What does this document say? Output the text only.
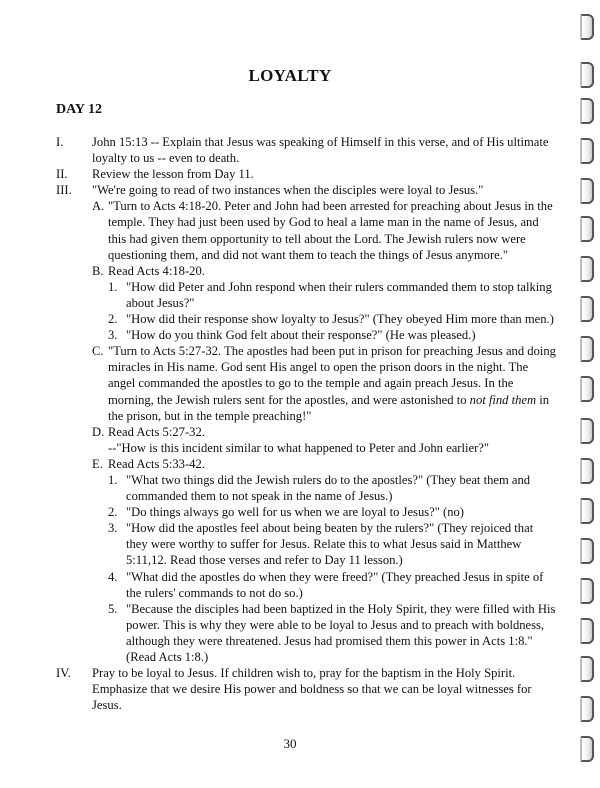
LOYALTY
DAY 12
I.	John 15:13 -- Explain that Jesus was speaking of Himself in this verse, and of His ultimate loyalty to us -- even to death.
II.	Review the lesson from Day 11.
III.	"We're going to read of two instances when the disciples were loyal to Jesus."
A. "Turn to Acts 4:18-20. Peter and John had been arrested for preaching about Jesus in the temple. They had just been used by God to heal a lame man in the name of Jesus, and this had given them opportunity to tell about the Lord. The Jewish rulers now were questioning them, and did not want them to teach the things of Jesus anymore."
B. Read Acts 4:18-20.
1. "How did Peter and John respond when their rulers commanded them to stop talking about Jesus?"
2. "How did their response show loyalty to Jesus?" (They obeyed Him more than men.)
3. "How do you think God felt about their response?" (He was pleased.)
C. "Turn to Acts 5:27-32. The apostles had been put in prison for preaching Jesus and doing miracles in His name. God sent His angel to open the prison doors in the night. The angel commanded the apostles to go to the temple and again preach Jesus. In the morning, the Jewish rulers sent for the apostles, and were astonished to not find them in the prison, but in the temple preaching!"
D. Read Acts 5:27-32.
--"How is this incident similar to what happened to Peter and John earlier?"
E. Read Acts 5:33-42.
1. "What two things did the Jewish rulers do to the apostles?" (They beat them and commanded them to not speak in the name of Jesus.)
2. "Do things always go well for us when we are loyal to Jesus?" (no)
3. "How did the apostles feel about being beaten by the rulers?" (They rejoiced that they were worthy to suffer for Jesus. Relate this to what Jesus said in Matthew 5:11,12. Read those verses and refer to Day 11 lesson.)
4. "What did the apostles do when they were freed?" (They preached Jesus in spite of the rulers' commands to not do so.)
5. "Because the disciples had been baptized in the Holy Spirit, they were filled with His power. This is why they were able to be loyal to Jesus and to preach with boldness, although they were threatened. Jesus had promised them this power in Acts 1:8." (Read Acts 1:8.)
IV.	Pray to be loyal to Jesus. If children wish to, pray for the baptism in the Holy Spirit. Emphasize that we desire His power and boldness so that we can be loyal witnesses for Jesus.
30
